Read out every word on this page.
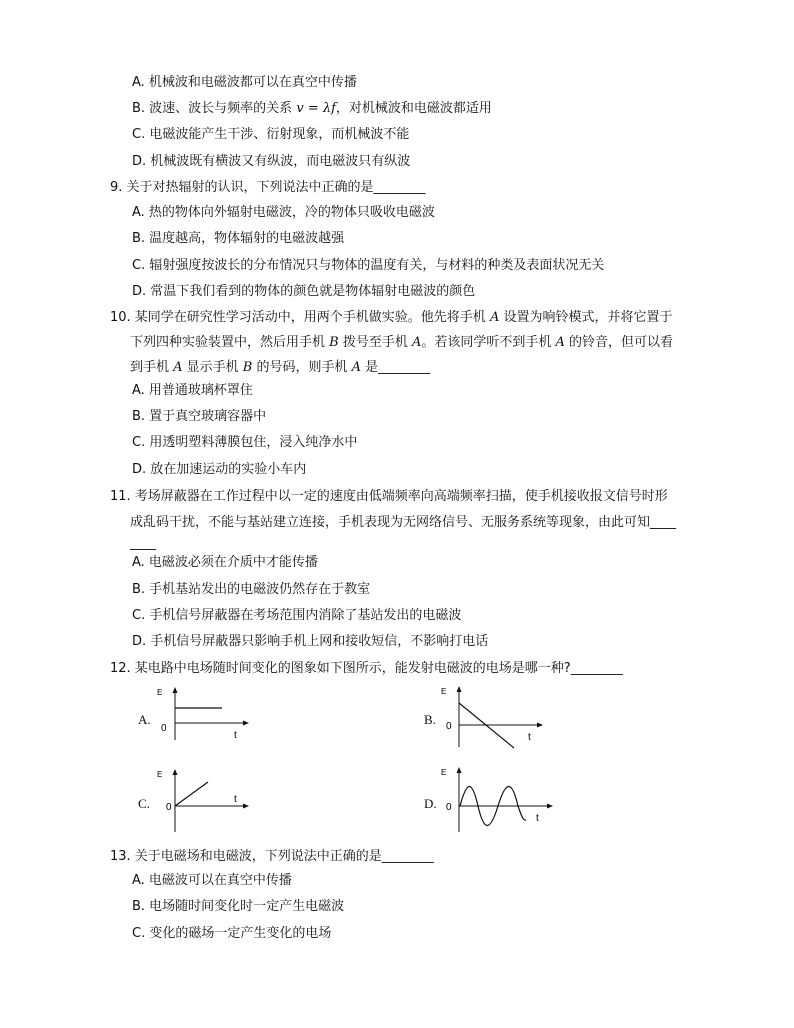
A. 机械波和电磁波都可以在真空中传播
B. 波速、波长与频率的关系 v = λf，对机械波和电磁波都适用
C. 电磁波能产生干涉、衍射现象，而机械波不能
D. 机械波既有横波又有纵波，而电磁波只有纵波
9. 关于对热辐射的认识，下列说法中正确的是________
A. 热的物体向外辐射电磁波，冷的物体只吸收电磁波
B. 温度越高，物体辐射的电磁波越强
C. 辐射强度按波长的分布情况只与物体的温度有关，与材料的种类及表面状况无关
D. 常温下我们看到的物体的颜色就是物体辐射电磁波的颜色
10. 某同学在研究性学习活动中，用两个手机做实验。他先将手机 A 设置为响铃模式，并将它置于
下列四种实验装置中，然后用手机 B 拨号至手机 A。若该同学听不到手机 A 的铃音，但可以看
到手机 A 显示手机 B 的号码，则手机 A 是________
A. 用普通玻璃杯罩住
B. 置于真空玻璃容器中
C. 用透明塑料薄膜包住，浸入纯净水中
D. 放在加速运动的实验小车内
11. 考场屏蔽器在工作过程中以一定的速度由低端频率向高端频率扫描，使手机接收报文信号时形
成乱码干扰，不能与基站建立连接，手机表现为无网络信号、无服务系统等现象，由此可知____
____
A. 电磁波必须在介质中才能传播
B. 手机基站发出的电磁波仍然存在于教室
C. 手机信号屏蔽器在考场范围内消除了基站发出的电磁波
D. 手机信号屏蔽器只影响手机上网和接收短信，不影响打电话
12. 某电路中电场随时间变化的图象如下图所示，能发射电磁波的电场是哪一种?________
A.
E
0
t
B.
E
0
t
C.
E
0
t	D.
E
0
t
13. 关于电磁场和电磁波，下列说法中正确的是________
A. 电磁波可以在真空中传播
B. 电场随时间变化时一定产生电磁波
C. 变化的磁场一定产生变化的电场
